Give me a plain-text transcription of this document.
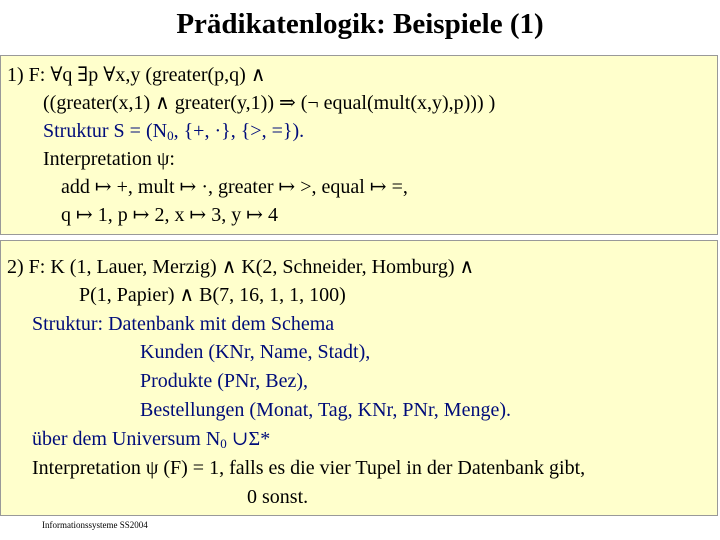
Prädikatenlogik: Beispiele (1)
1) F: ∀q ∃p ∀x,y (greater(p,q) ∧
((greater(x,1) ∧ greater(y,1)) ⇒ (¬ equal(mult(x,y),p))) )
Struktur $S = (N_0$, {+, ·}, {>, =}).
Interpretation ψ:
add ↦ +, mult ↦ ·, greater ↦ >, equal ↦ =,
q ↦ 1, p ↦ 2, x ↦ 3, y ↦ 4
2) F: K (1, Lauer, Merzig) ∧ K(2, Schneider, Homburg) ∧
P(1, Papier) ∧ B(7, 16, 1, 1, 100)
Struktur: Datenbank mit dem Schema
Kunden (KNr, Name, Stadt),
Produkte (PNr, Bez),
Bestellungen (Monat, Tag, KNr, PNr, Menge).
über dem Universum $N_0$ ∪Σ*
Interpretation ψ (F) = 1, falls es die vier Tupel in der Datenbank gibt,
0 sonst.
Informationssysteme SS2004
